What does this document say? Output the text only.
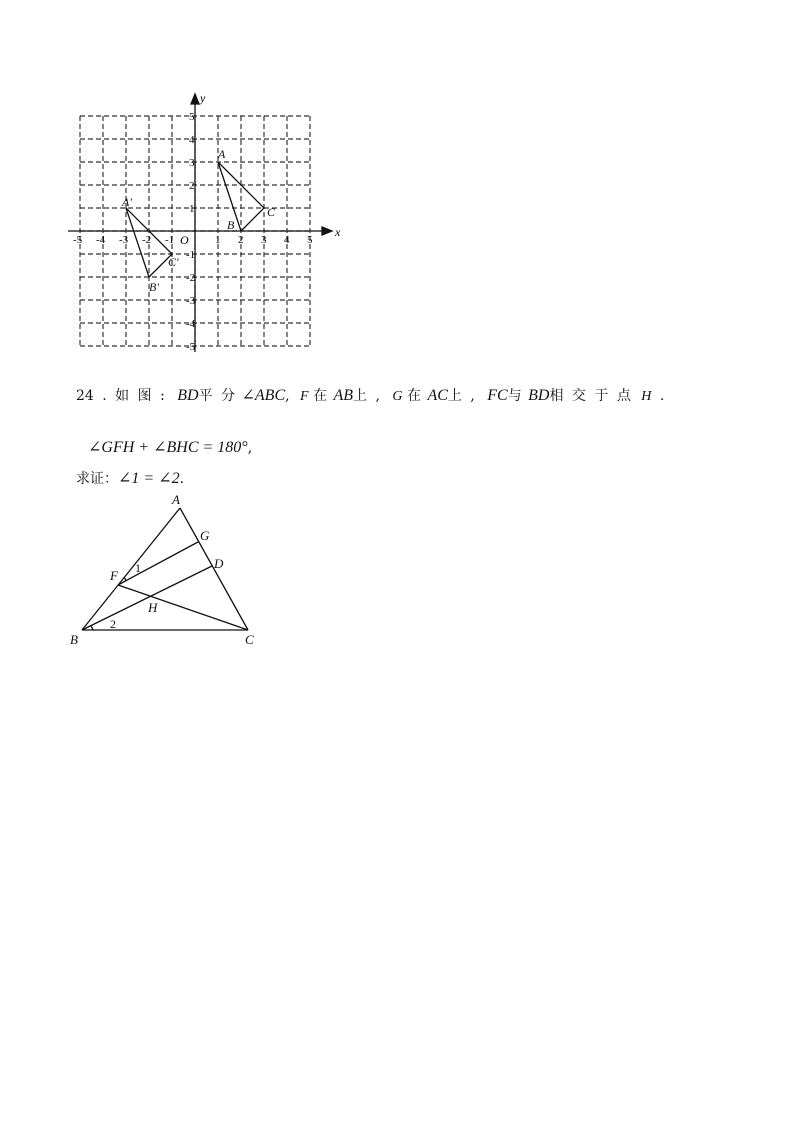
-5 -4 -3 -2 -1	1 2 3 4 5
5
4
3
2
1
-1
-2
-3
-4
-5
x
y
O
A
B
C
A'
B'
C'
24 . 如 图 : BD平 分 ∠ABC, F 在 AB上 , G 在 AC上 , FC与 BD相 交 于 点 H .
∠GFH + ∠BHC = 180°,
求证：∠1 = ∠2.
A
B	C
D
F
G
H
1
2
